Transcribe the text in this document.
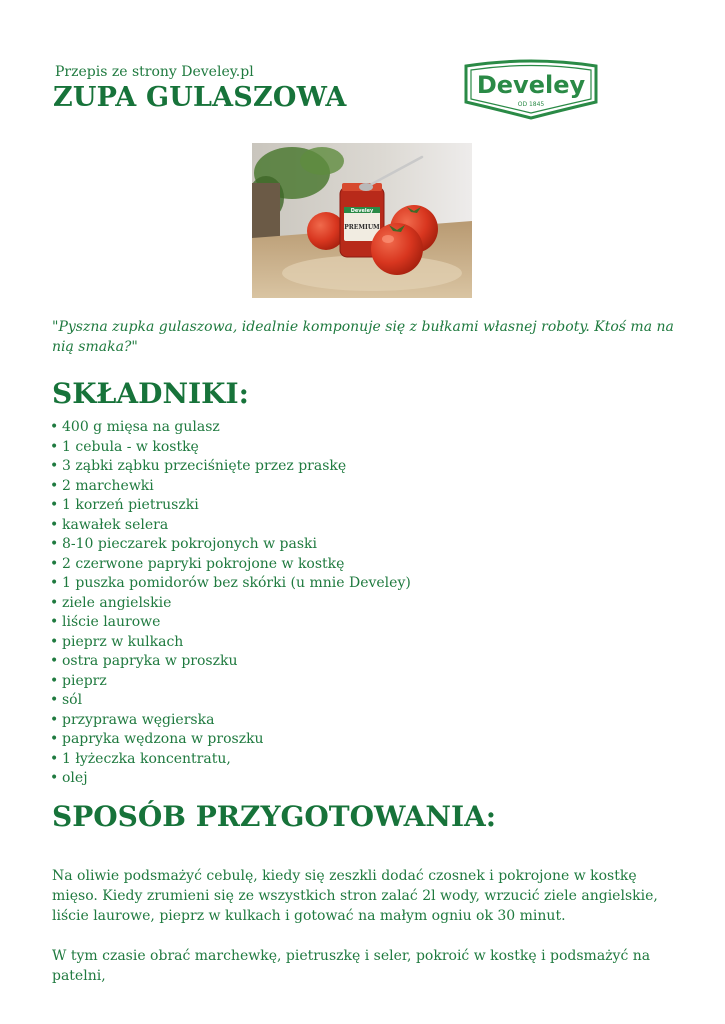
Przepis ze strony Develey.pl
ZUPA GULASZOWA	Develey
OD 1845
Develey
PREMIUM
"Pyszna zupka gulaszowa, idealnie komponuje się z bułkami własnej roboty. Ktoś ma na nią smaka?"
SKŁADNIKI:
• 400 g mięsa na gulasz
• 1 cebula - w kostkę
• 3 ząbki ząbku przeciśnięte przez praskę
• 2 marchewki
• 1 korzeń pietruszki
• kawałek selera
• 8-10 pieczarek pokrojonych w paski
• 2 czerwone papryki pokrojone w kostkę
• 1 puszka pomidorów bez skórki (u mnie Develey)
• ziele angielskie
• liście laurowe
• pieprz w kulkach
• ostra papryka w proszku
• pieprz
• sól
• przyprawa węgierska
• papryka wędzona w proszku
• 1 łyżeczka koncentratu,
• olej
SPOSÓB PRZYGOTOWANIA:

Na oliwie podsmażyć cebulę, kiedy się zeszkli dodać czosnek i pokrojone w kostkę mięso. Kiedy zrumieni się ze wszystkich stron zalać 2l wody, wrzucić ziele angielskie, liście laurowe, pieprz w kulkach i gotować na małym ogniu ok 30 minut.

W tym czasie obrać marchewkę, pietruszkę i seler, pokroić w kostkę i podsmażyć na patelni,
